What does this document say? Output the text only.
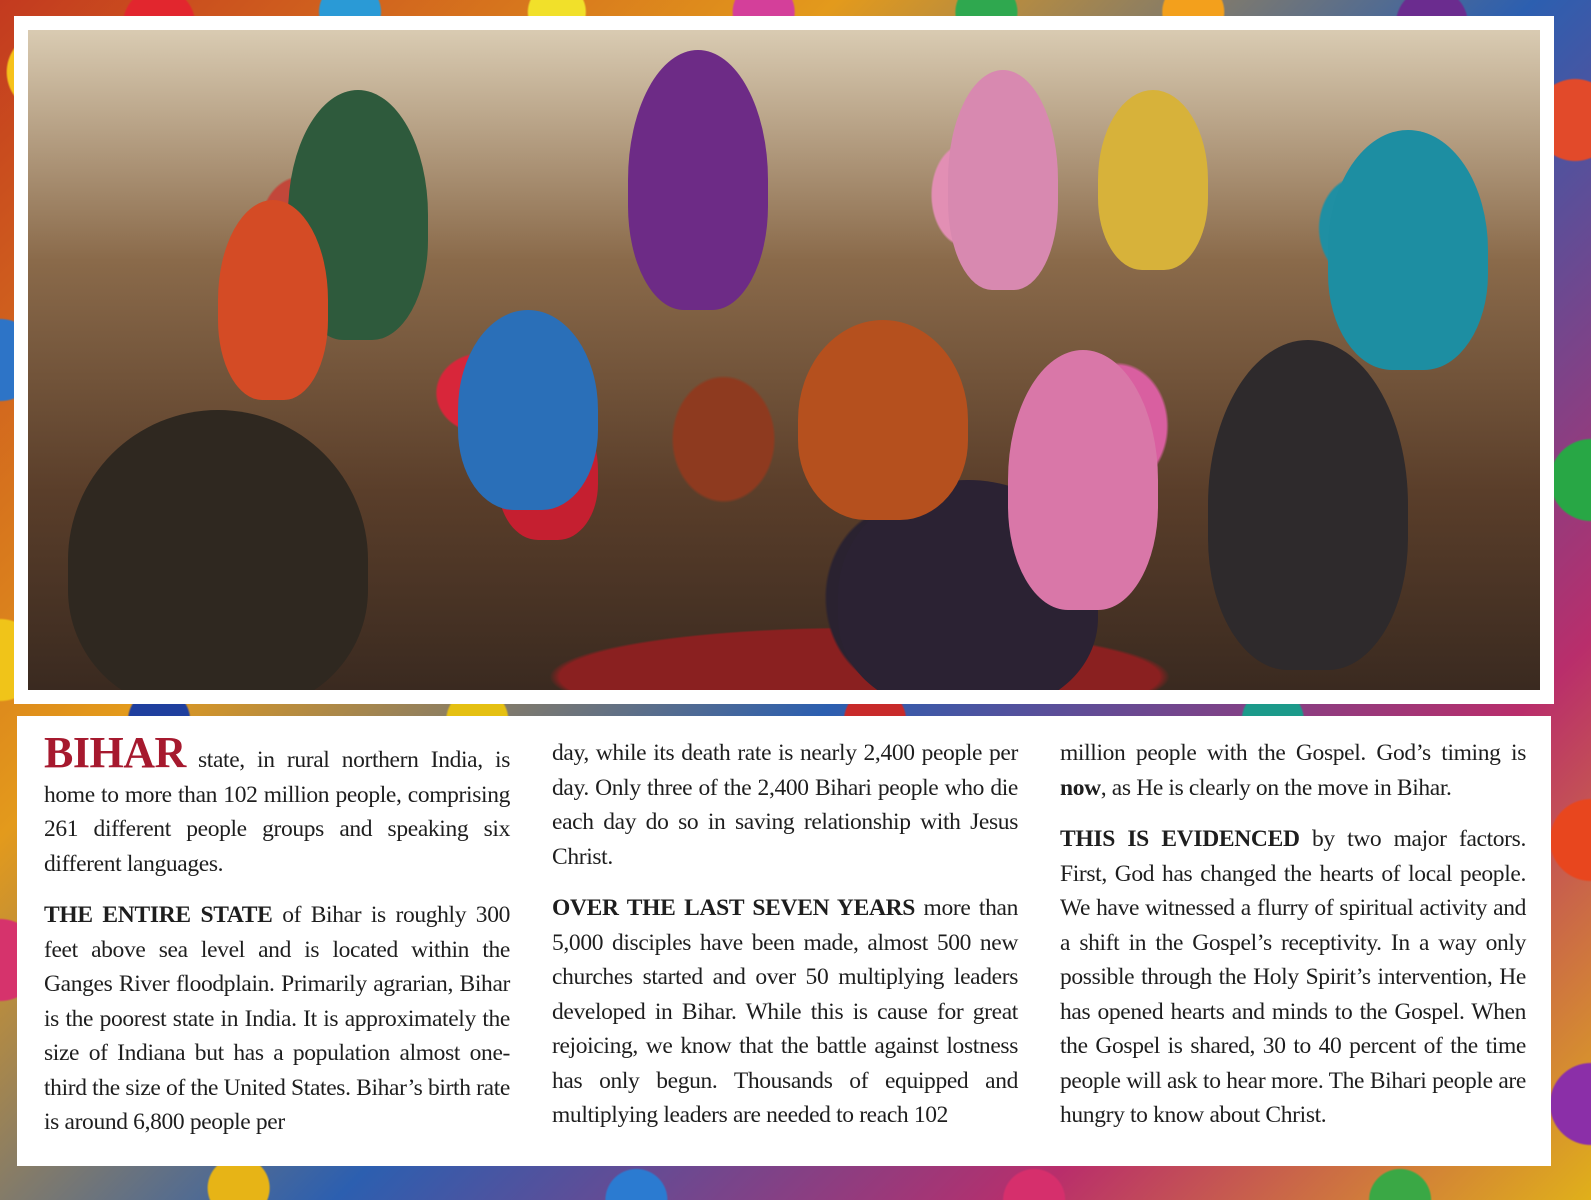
BIHAR state, in rural northern India, is home to more than 102 million people, comprising 261 different people groups and speaking six different languages.

THE ENTIRE STATE of Bihar is roughly 300 feet above sea level and is located within the Ganges River floodplain. Primarily agrarian, Bihar is the poorest state in India. It is approximately the size of Indiana but has a population almost one-third the size of the United States. Bihar’s birth rate is around 6,800 people per

day, while its death rate is nearly 2,400 people per day. Only three of the 2,400 Bihari people who die each day do so in saving relationship with Jesus Christ.

OVER THE LAST SEVEN YEARS more than 5,000 disciples have been made, almost 500 new churches started and over 50 multiplying leaders developed in Bihar. While this is cause for great rejoicing, we know that the battle against lostness has only begun. Thousands of equipped and multiplying leaders are needed to reach 102

million people with the Gospel. God’s timing is now, as He is clearly on the move in Bihar.

THIS IS EVIDENCED by two major factors. First, God has changed the hearts of local people. We have witnessed a flurry of spiritual activity and a shift in the Gospel’s receptivity. In a way only possible through the Holy Spirit’s intervention, He has opened hearts and minds to the Gospel. When the Gospel is shared, 30 to 40 percent of the time people will ask to hear more. The Bihari people are hungry to know about Christ.
